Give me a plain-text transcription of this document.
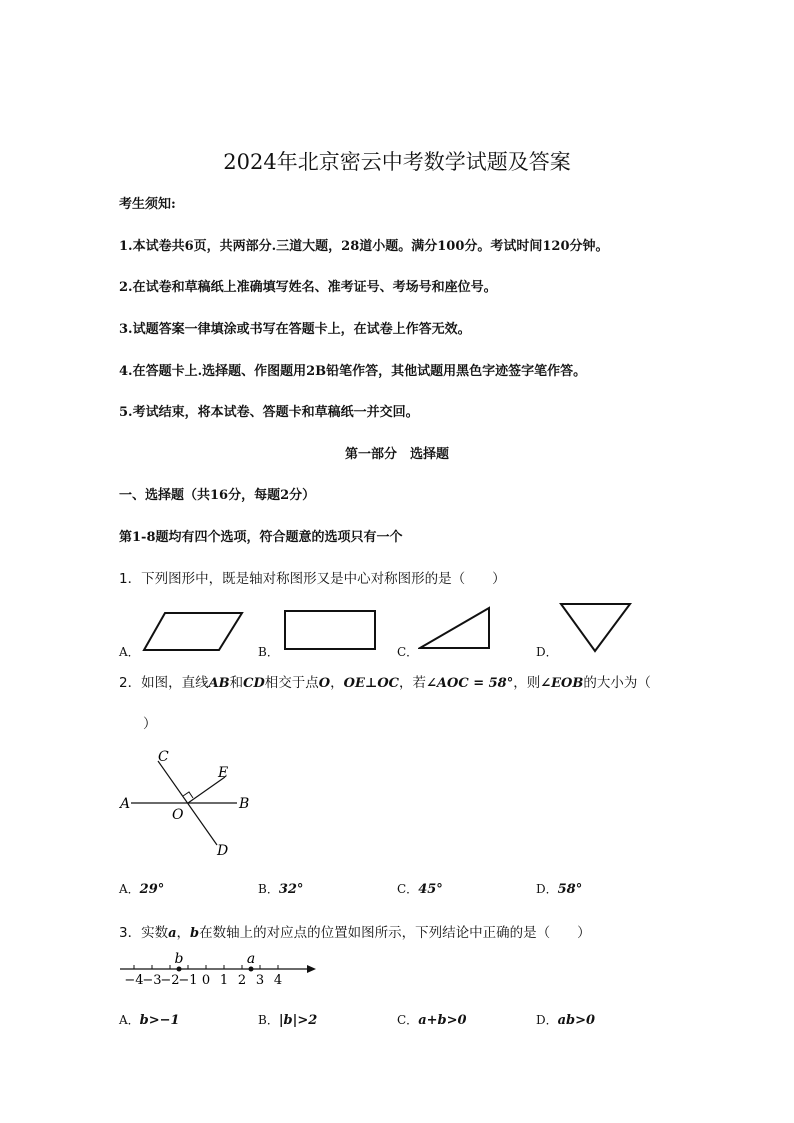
2024年北京密云中考数学试题及答案
考生须知:
1.本试卷共6页，共两部分.三道大题，28道小题。满分100分。考试时间120分钟。
2.在试卷和草稿纸上准确填写姓名、准考证号、考场号和座位号。
3.试题答案一律填涂或书写在答题卡上，在试卷上作答无效。
4.在答题卡上.选择题、作图题用2B铅笔作答，其他试题用黑色字迹签字笔作答。
5.考试结束，将本试卷、答题卡和草稿纸一并交回。
第一部分　选择题
一、选择题（共16分，每题2分）
第1-8题均有四个选项，符合题意的选项只有一个
1．下列图形中，既是轴对称图形又是中心对称图形的是（　　）
A．	B．	C．	D．
2．如图，直线AB和CD相交于点O，OE⊥OC，若∠AOC = 58°，则∠EOB的大小为（
）
A	B
C
D
E
O
A．29°	B．32°	C．45°	D．58°
3．实数a，b在数轴上的对应点的位置如图所示，下列结论中正确的是（　　）
−4
−3
−2
−1 0 1 2 3 4
b	a
A．b>−1	B．|b|>2	C．a+b>0	D．ab>0
